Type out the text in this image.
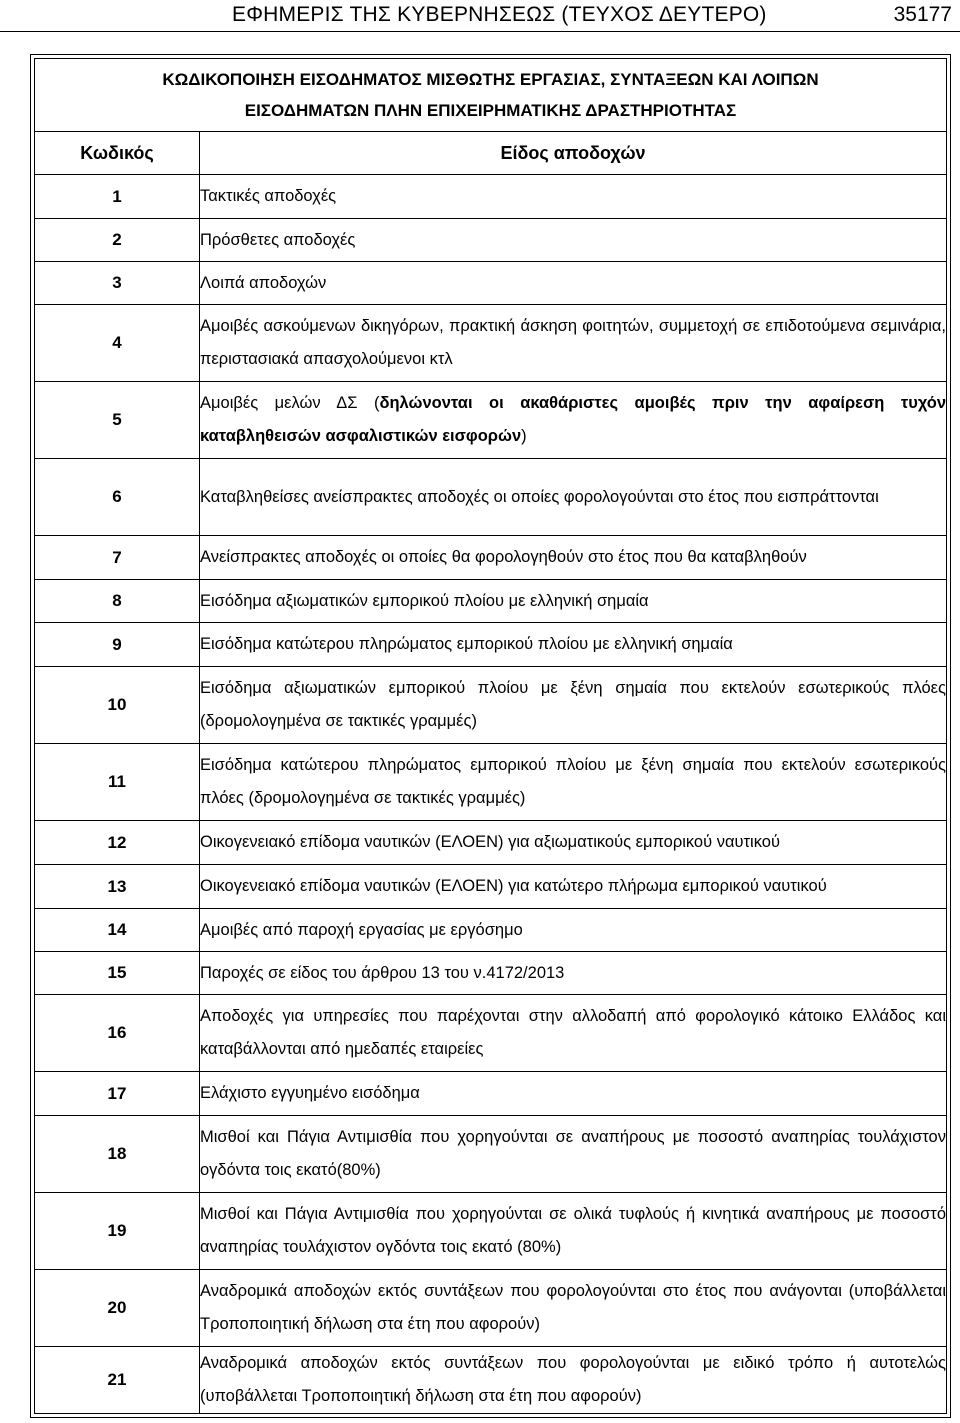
ΕΦΗΜΕΡΙΣ ΤΗΣ ΚΥΒΕΡΝΗΣΕΩΣ (ΤΕΥΧΟΣ ΔΕΥΤΕΡΟ)	35177
ΚΩΔΙΚΟΠΟΙΗΣΗ ΕΙΣΟΔΗΜΑΤΟΣ ΜΙΣΘΩΤΗΣ ΕΡΓΑΣΙΑΣ, ΣΥΝΤΑΞΕΩΝ ΚΑΙ ΛΟΙΠΩΝ
ΕΙΣΟΔΗΜΑΤΩΝ ΠΛΗΝ ΕΠΙΧΕΙΡΗΜΑΤΙΚΗΣ ΔΡΑΣΤΗΡΙΟΤΗΤΑΣ	

Κωδικός	Είδος αποδοχών
1	Τακτικές αποδοχές
2	Πρόσθετες αποδοχές
3	Λοιπά αποδοχών
4	Αμοιβές ασκούμενων δικηγόρων, πρακτική άσκηση φοιτητών, συμμετοχή σε επιδοτούμενα σεμινάρια, περιστασιακά απασχολούμενοι κτλ
5	Αμοιβές μελών ΔΣ (δηλώνονται οι ακαθάριστες αμοιβές πριν την αφαίρεση τυχόν καταβληθεισών ασφαλιστικών εισφορών)
6	Καταβληθείσες ανείσπρακτες αποδοχές οι οποίες φορολογούνται στο έτος που εισπράττονται
7	Ανείσπρακτες αποδοχές οι οποίες θα φορολογηθούν στο έτος που θα καταβληθούν
8	Εισόδημα αξιωματικών εμπορικού πλοίου με ελληνική σημαία
9	Εισόδημα κατώτερου πληρώματος εμπορικού πλοίου με ελληνική σημαία
10	Εισόδημα αξιωματικών εμπορικού πλοίου με ξένη σημαία που εκτελούν εσωτερικούς πλόες (δρομολογημένα σε τακτικές γραμμές)
11	Εισόδημα κατώτερου πληρώματος εμπορικού πλοίου με ξένη σημαία που εκτελούν εσωτερικούς πλόες (δρομολογημένα σε τακτικές γραμμές)
12	Οικογενειακό επίδομα ναυτικών (ΕΛΟΕΝ) για αξιωματικούς εμπορικού ναυτικού
13	Οικογενειακό επίδομα ναυτικών (ΕΛΟΕΝ) για κατώτερο πλήρωμα εμπορικού ναυτικού
14	Αμοιβές από παροχή εργασίας με εργόσημο
15	Παροχές σε είδος του άρθρου 13 του ν.4172/2013
16	Αποδοχές για υπηρεσίες που παρέχονται στην αλλοδαπή από φορολογικό κάτοικο Ελλάδος και καταβάλλονται από ημεδαπές εταιρείες
17	Ελάχιστο εγγυημένο εισόδημα
18	Μισθοί και Πάγια Αντιμισθία που χορηγούνται σε αναπήρους με ποσοστό αναπηρίας τουλάχιστον ογδόντα τοις εκατό(80%)
19	Μισθοί και Πάγια Αντιμισθία που χορηγούνται σε ολικά τυφλούς ή κινητικά αναπήρους με ποσοστό αναπηρίας τουλάχιστον ογδόντα τοις εκατό (80%)
20	Αναδρομικά αποδοχών εκτός συντάξεων που φορολογούνται στο έτος που ανάγονται (υποβάλλεται Τροποποιητική δήλωση στα έτη που αφορούν)
21	Αναδρομικά αποδοχών εκτός συντάξεων που φορολογούνται με ειδικό τρόπο ή αυτοτελώς (υποβάλλεται Τροποποιητική δήλωση στα έτη που αφορούν)
